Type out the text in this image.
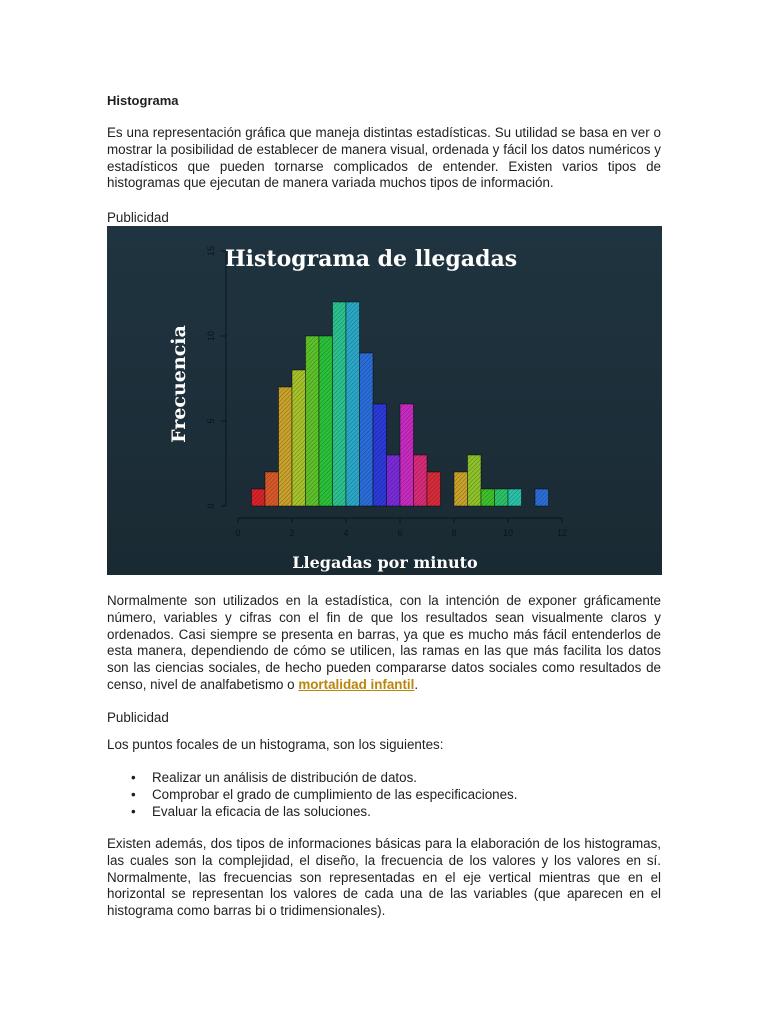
Histograma

Es una representación gráfica que maneja distintas estadísticas. Su utilidad se basa en ver o mostrar la posibilidad de establecer de manera visual, ordenada y fácil los datos numéricos y estadísticos que pueden tornarse complicados de entender. Existen varios tipos de histogramas que ejecutan de manera variada muchos tipos de información.

Publicidad

Normalmente son utilizados en la estadística, con la intención de exponer gráficamente número, variables y cifras con el fin de que los resultados sean visualmente claros y ordenados. Casi siempre se presenta en barras, ya que es mucho más fácil entenderlos de esta manera, dependiendo de cómo se utilicen, las ramas en las que más facilita los datos son las ciencias sociales, de hecho pueden compararse datos sociales como resultados de censo, nivel de analfabetismo o mortalidad infantil.

Publicidad

Los puntos focales de un histograma, son los siguientes:

• Realizar un análisis de distribución de datos.
• Comprobar el grado de cumplimiento de las especificaciones.
• Evaluar la eficacia de las soluciones.

Existen además, dos tipos de informaciones básicas para la elaboración de los histogramas, las cuales son la complejidad, el diseño, la frecuencia de los valores y los valores en sí. Normalmente, las frecuencias son representadas en el eje vertical mientras que en el horizontal se representan los valores de cada una de las variables (que aparecen en el histograma como barras bi o tridimensionales).

Histograma de llegadas
Frecuencia
Llegadas por minuto
0	2	4	6	8	10	12
0
5
10
15
